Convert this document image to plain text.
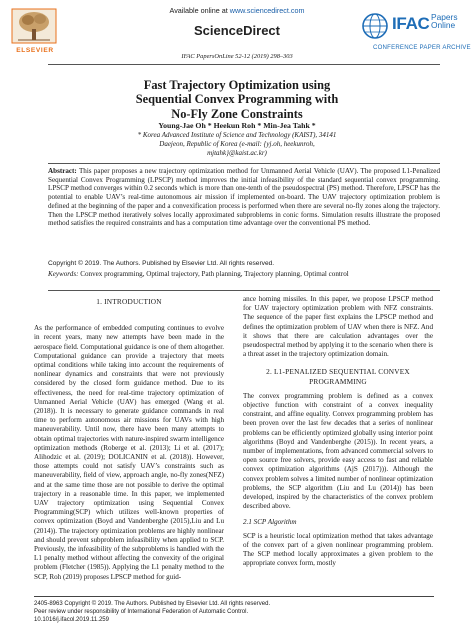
Available online at www.sciencedirect.com
ELSEVIER
ScienceDirect
IFAC PapersOnLine 52-12 (2019) 298–303
IFAC Papers
Online
CONFERENCE PAPER ARCHIVE
Fast Trajectory Optimization using
Sequential Convex Programming with
No-Fly Zone Constraints
Young-Jae Oh * Heekun Roh * Min-Jea Tahk *
* Korea Advanced Institute of Science and Technology (KAIST), 34141
Daejeon, Republic of Korea (e-mail: {yj.oh, heekunroh,
mjtahk}@kaist.ac.kr)
Abstract: This paper proposes a new trajectory optimization method for Unmanned Aerial Vehicle (UAV). The proposed L1-Penalized Sequential Convex Programming (LPSCP) method improves the initial infeasibility of the standard sequential convex programming. LPSCP method converges within 0.2 seconds which is more than one-tenth of the pseudospectral (PS) method. Therefore, LPSCP has the potential to enable UAV’s real-time autonomous air mission if implemented on-board. The UAV trajectory optimization problem is defined at the beginning of the paper and a convexification process is performed when there are several no-fly zones along the trajectory. Then the LPSCP method iteratively solves locally approximated subproblems in conic forms. Simulation results illustrate the proposed method satisfies the required constraints and has a computation time advantage over the conventional PS method.
Copyright © 2019. The Authors. Published by Elsevier Ltd. All rights reserved.
Keywords: Convex programming, Optimal trajectory, Path planning, Trajectory planning, Optimal control
1. INTRODUCTION
As the performance of embedded computing continues to evolve in recent years, many new attempts have been made in the aerospace field. Computational guidance is one of them altogether. Computational guidance can provide a trajectory that meets optimal conditions while taking into account the requirements of nonlinear dynamics and constraints that were not previously considered by the closed form guidance method. Due to its effectiveness, the need for real-time trajectory optimization of Unmanned Aerial Vehicle (UAV) has emerged (Wang et al. (2018)). It is necessary to generate guidance commands in real time to perform autonomous air missions for UAVs with high maneuverability. Until now, there have been many attempts to obtain optimal trajectories with nature-inspired swarm intelligence optimization methods (Roberge et al. (2013); Li et al. (2017); Alihodzic et al. (2019); DOLICANIN et al. (2018)). However, those attempts could not satisfy UAV’s constraints such as maneuverability, field of view, approach angle, no-fly zones(NFZ) and at the same time those are not possible to derive the optimal trajectory in a reasonable time. In this paper, we implemented UAV trajectory optimization using Sequential Convex Programming(SCP) which utilizes well-known properties of convex optimization (Boyd and Vandenberghe (2015),Liu and Lu (2014)). The trajectory optimization problems are highly nonlinear and should prevent subproblem infeasibility when applied to SCP. Previously, the infeasibility of the subproblems is handled with the L1 penalty method without affecting the convexity of the original problem (Fletcher (1985)). Applying the L1 penalty method to the SCP, Roh (2019) proposes LPSCP method for guid-
ance homing missiles. In this paper, we propose LPSCP method for UAV trajectory optimization problem with NFZ constraints. The sequence of the paper first explains the LPSCP method and defines the optimization problem of UAV when there is NFZ. And it shows that there are calculation advantages over the pseudospectral method by applying it to the scenario when there is a threat asset in the trajectory optimization domain.
2. L1-PENALIZED SEQUENTIAL CONVEX
PROGRAMMING
The convex programming problem is defined as a convex objective function with constraint of a convex inequality constraint, and affine equality. Convex programming problem has been proven over the last few decades that a series of nonlinear problems can be efficiently optimized globally using interior point algorithms (Boyd and Vandenberghe (2015)). In recent years, a number of implementations, from advanced commercial solvers to open source free solvers, provide easy access to fast and reliable convex optimization algorithms (AjS (2017))). Although the convex problem solves a limited number of nonlinear optimization problems, the SCP algorithm (Liu and Lu (2014)) has been developed, inspired by the characteristics of the convex problem described above.
2.1 SCP Algorithm
SCP is a heuristic local optimization method that takes advantage of the convex part of a given nonlinear programming problem. The SCP method locally approximates a given problem to the appropriate convex form, mostly
2405-8963 Copyright © 2019. The Authors. Published by Elsevier Ltd. All rights reserved.
Peer review under responsibility of International Federation of Automatic Control.
10.1016/j.ifacol.2019.11.259
